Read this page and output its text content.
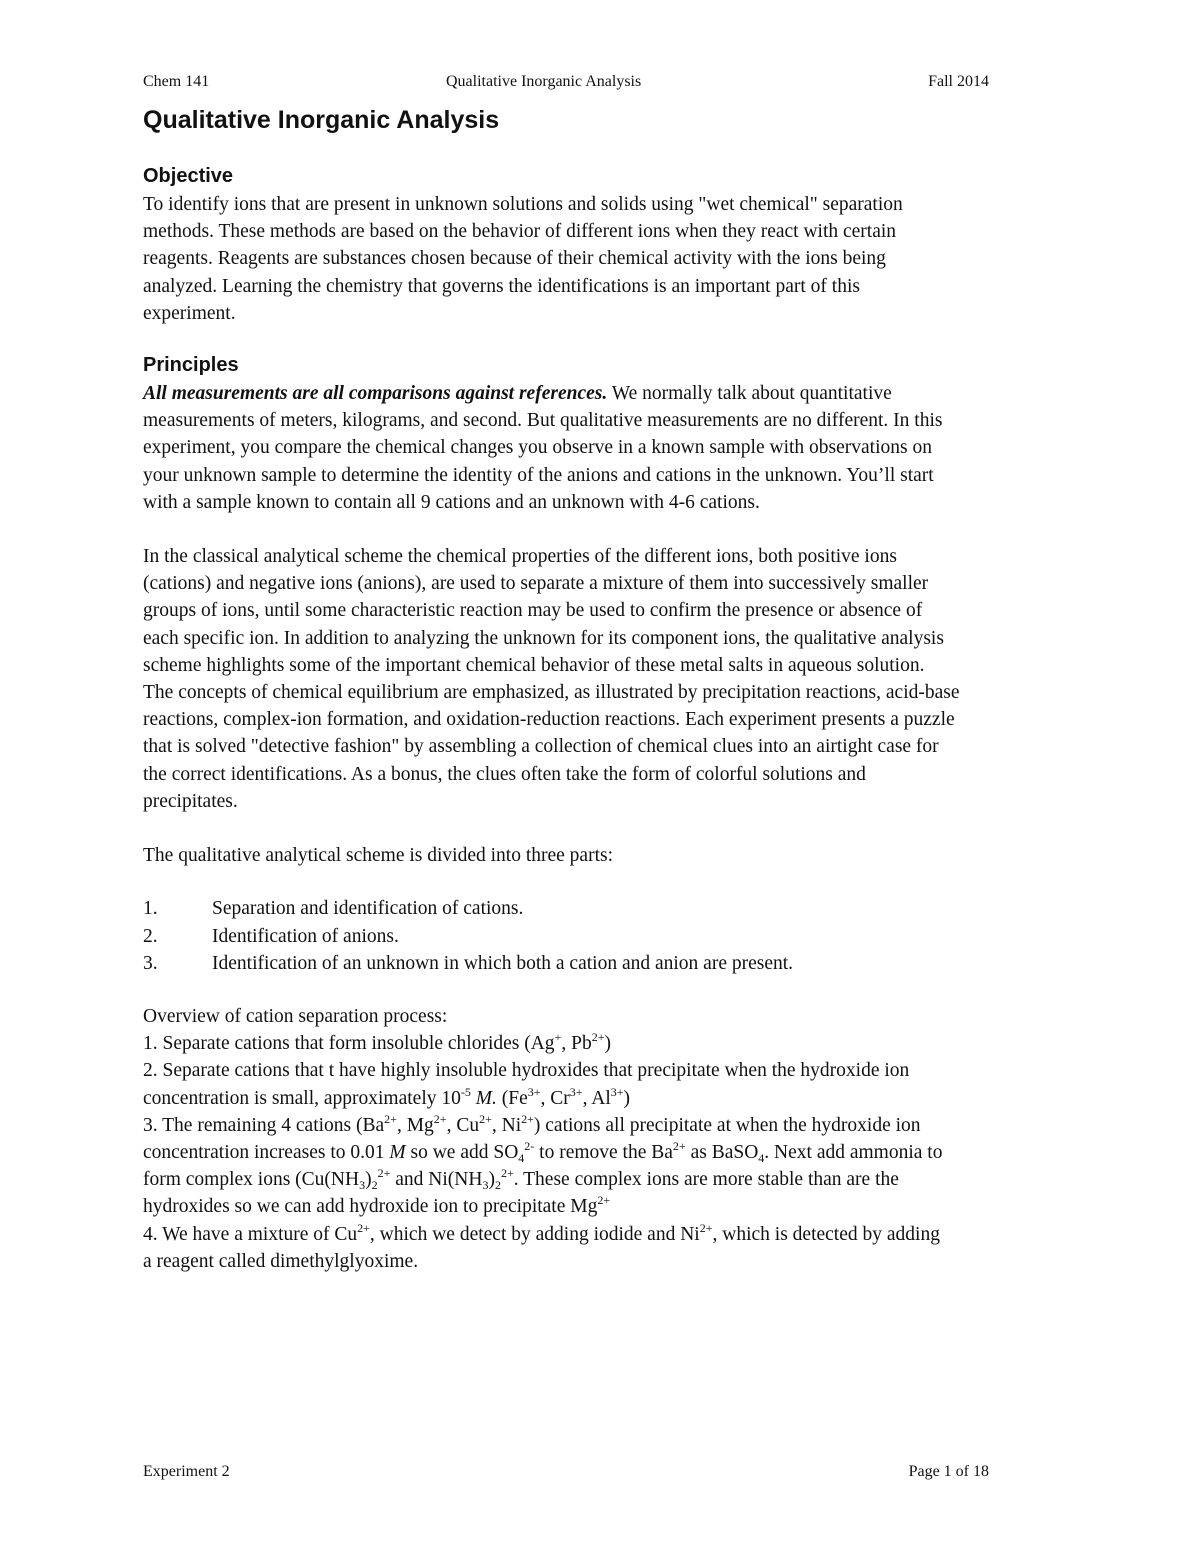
Chem 141	Qualitative Inorganic Analysis	Fall 2014
Qualitative Inorganic Analysis
Objective
To identify ions that are present in unknown solutions and solids using "wet chemical" separation
methods. These methods are based on the behavior of different ions when they react with certain
reagents. Reagents are substances chosen because of their chemical activity with the ions being
analyzed. Learning the chemistry that governs the identifications is an important part of this
experiment.
Principles
All measurements are all comparisons against references. We normally talk about quantitative
measurements of meters, kilograms, and second. But qualitative measurements are no different. In this
experiment, you compare the chemical changes you observe in a known sample with observations on
your unknown sample to determine the identity of the anions and cations in the unknown. You’ll start
with a sample known to contain all 9 cations and an unknown with 4-6 cations.
In the classical analytical scheme the chemical properties of the different ions, both positive ions
(cations) and negative ions (anions), are used to separate a mixture of them into successively smaller
groups of ions, until some characteristic reaction may be used to confirm the presence or absence of
each specific ion. In addition to analyzing the unknown for its component ions, the qualitative analysis
scheme highlights some of the important chemical behavior of these metal salts in aqueous solution.
The concepts of chemical equilibrium are emphasized, as illustrated by precipitation reactions, acid-base
reactions, complex-ion formation, and oxidation-reduction reactions. Each experiment presents a puzzle
that is solved "detective fashion" by assembling a collection of chemical clues into an airtight case for
the correct identifications. As a bonus, the clues often take the form of colorful solutions and
precipitates.
The qualitative analytical scheme is divided into three parts:
1.	Separation and identification of cations.
2.	Identification of anions.
3.	Identification of an unknown in which both a cation and anion are present.
Overview of cation separation process:
1. Separate cations that form insoluble chlorides (Ag+, $Pb^{2+}$)
2. Separate cations that t have highly insoluble hydroxides that precipitate when the hydroxide ion
concentration is small, approximately $10^{-5}$ M. ($Fe^{3+}$, $Cr^{3+}$, $Al^{3+}$)
3. The remaining 4 cations ($Ba^{2+}$, $Mg^{2+}$, $Cu^{2+}$, $Ni^{2+}$) cations all precipitate at when the hydroxide ion
concentration increases to 0.01 M so we add $SO_4^{2-}$ to remove the $Ba^{2+}$ as BaSO$_4$. Next add ammonia to
form complex ions ($Cu(NH_3)_2^{2+}$ and $Ni(NH_3)_2^{2+}$. These complex ions are more stable than are the
hydroxides so we can add hydroxide ion to precipitate $Mg^{2+}$
4. We have a mixture of $Cu^{2+}$, which we detect by adding iodide and $Ni^{2+}$, which is detected by adding
a reagent called dimethylglyoxime.
Experiment 2	Page 1 of 18
